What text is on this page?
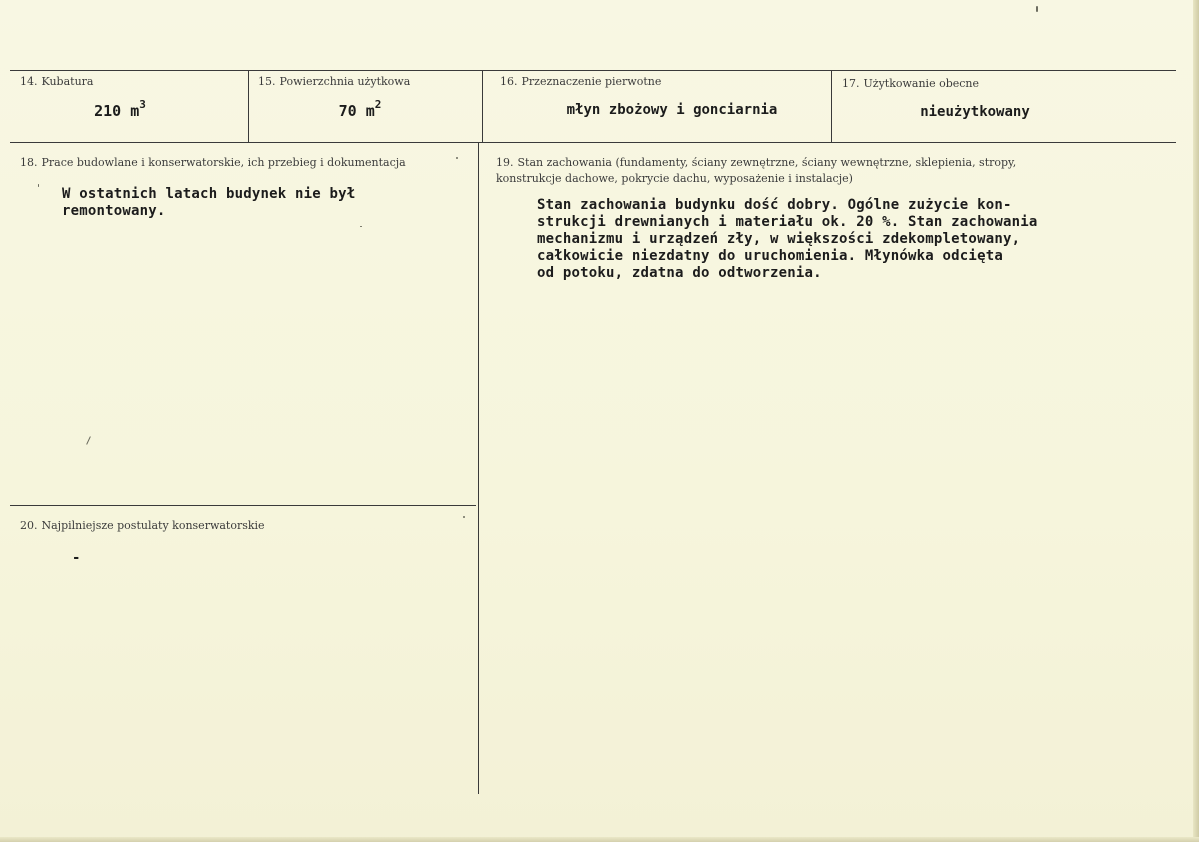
14. Kubatura
210 $m^3$
15. Powierzchnia użytkowa
70 $m^2$
16. Przeznaczenie pierwotne
młyn zbożowy i gonciarnia
17. Użytkowanie obecne
nieużytkowany
18. Prace budowlane i konserwatorskie, ich przebieg i dokumentacja
W ostatnich latach budynek nie był
remontowany.
19. Stan zachowania (fundamenty, ściany zewnętrzne, ściany wewnętrzne, sklepienia, stropy,
konstrukcje dachowe, pokrycie dachu, wyposażenie i instalacje)
Stan zachowania budynku dość dobry. Ogólne zużycie kon-
strukcji drewnianych i materiału ok. 20 %. Stan zachowania
mechanizmu i urządzeń zły, w większości zdekompletowany,
całkowicie niezdatny do uruchomienia. Młynówka odcięta
od potoku, zdatna do odtworzenia.
20. Najpilniejsze postulaty konserwatorskie
-
